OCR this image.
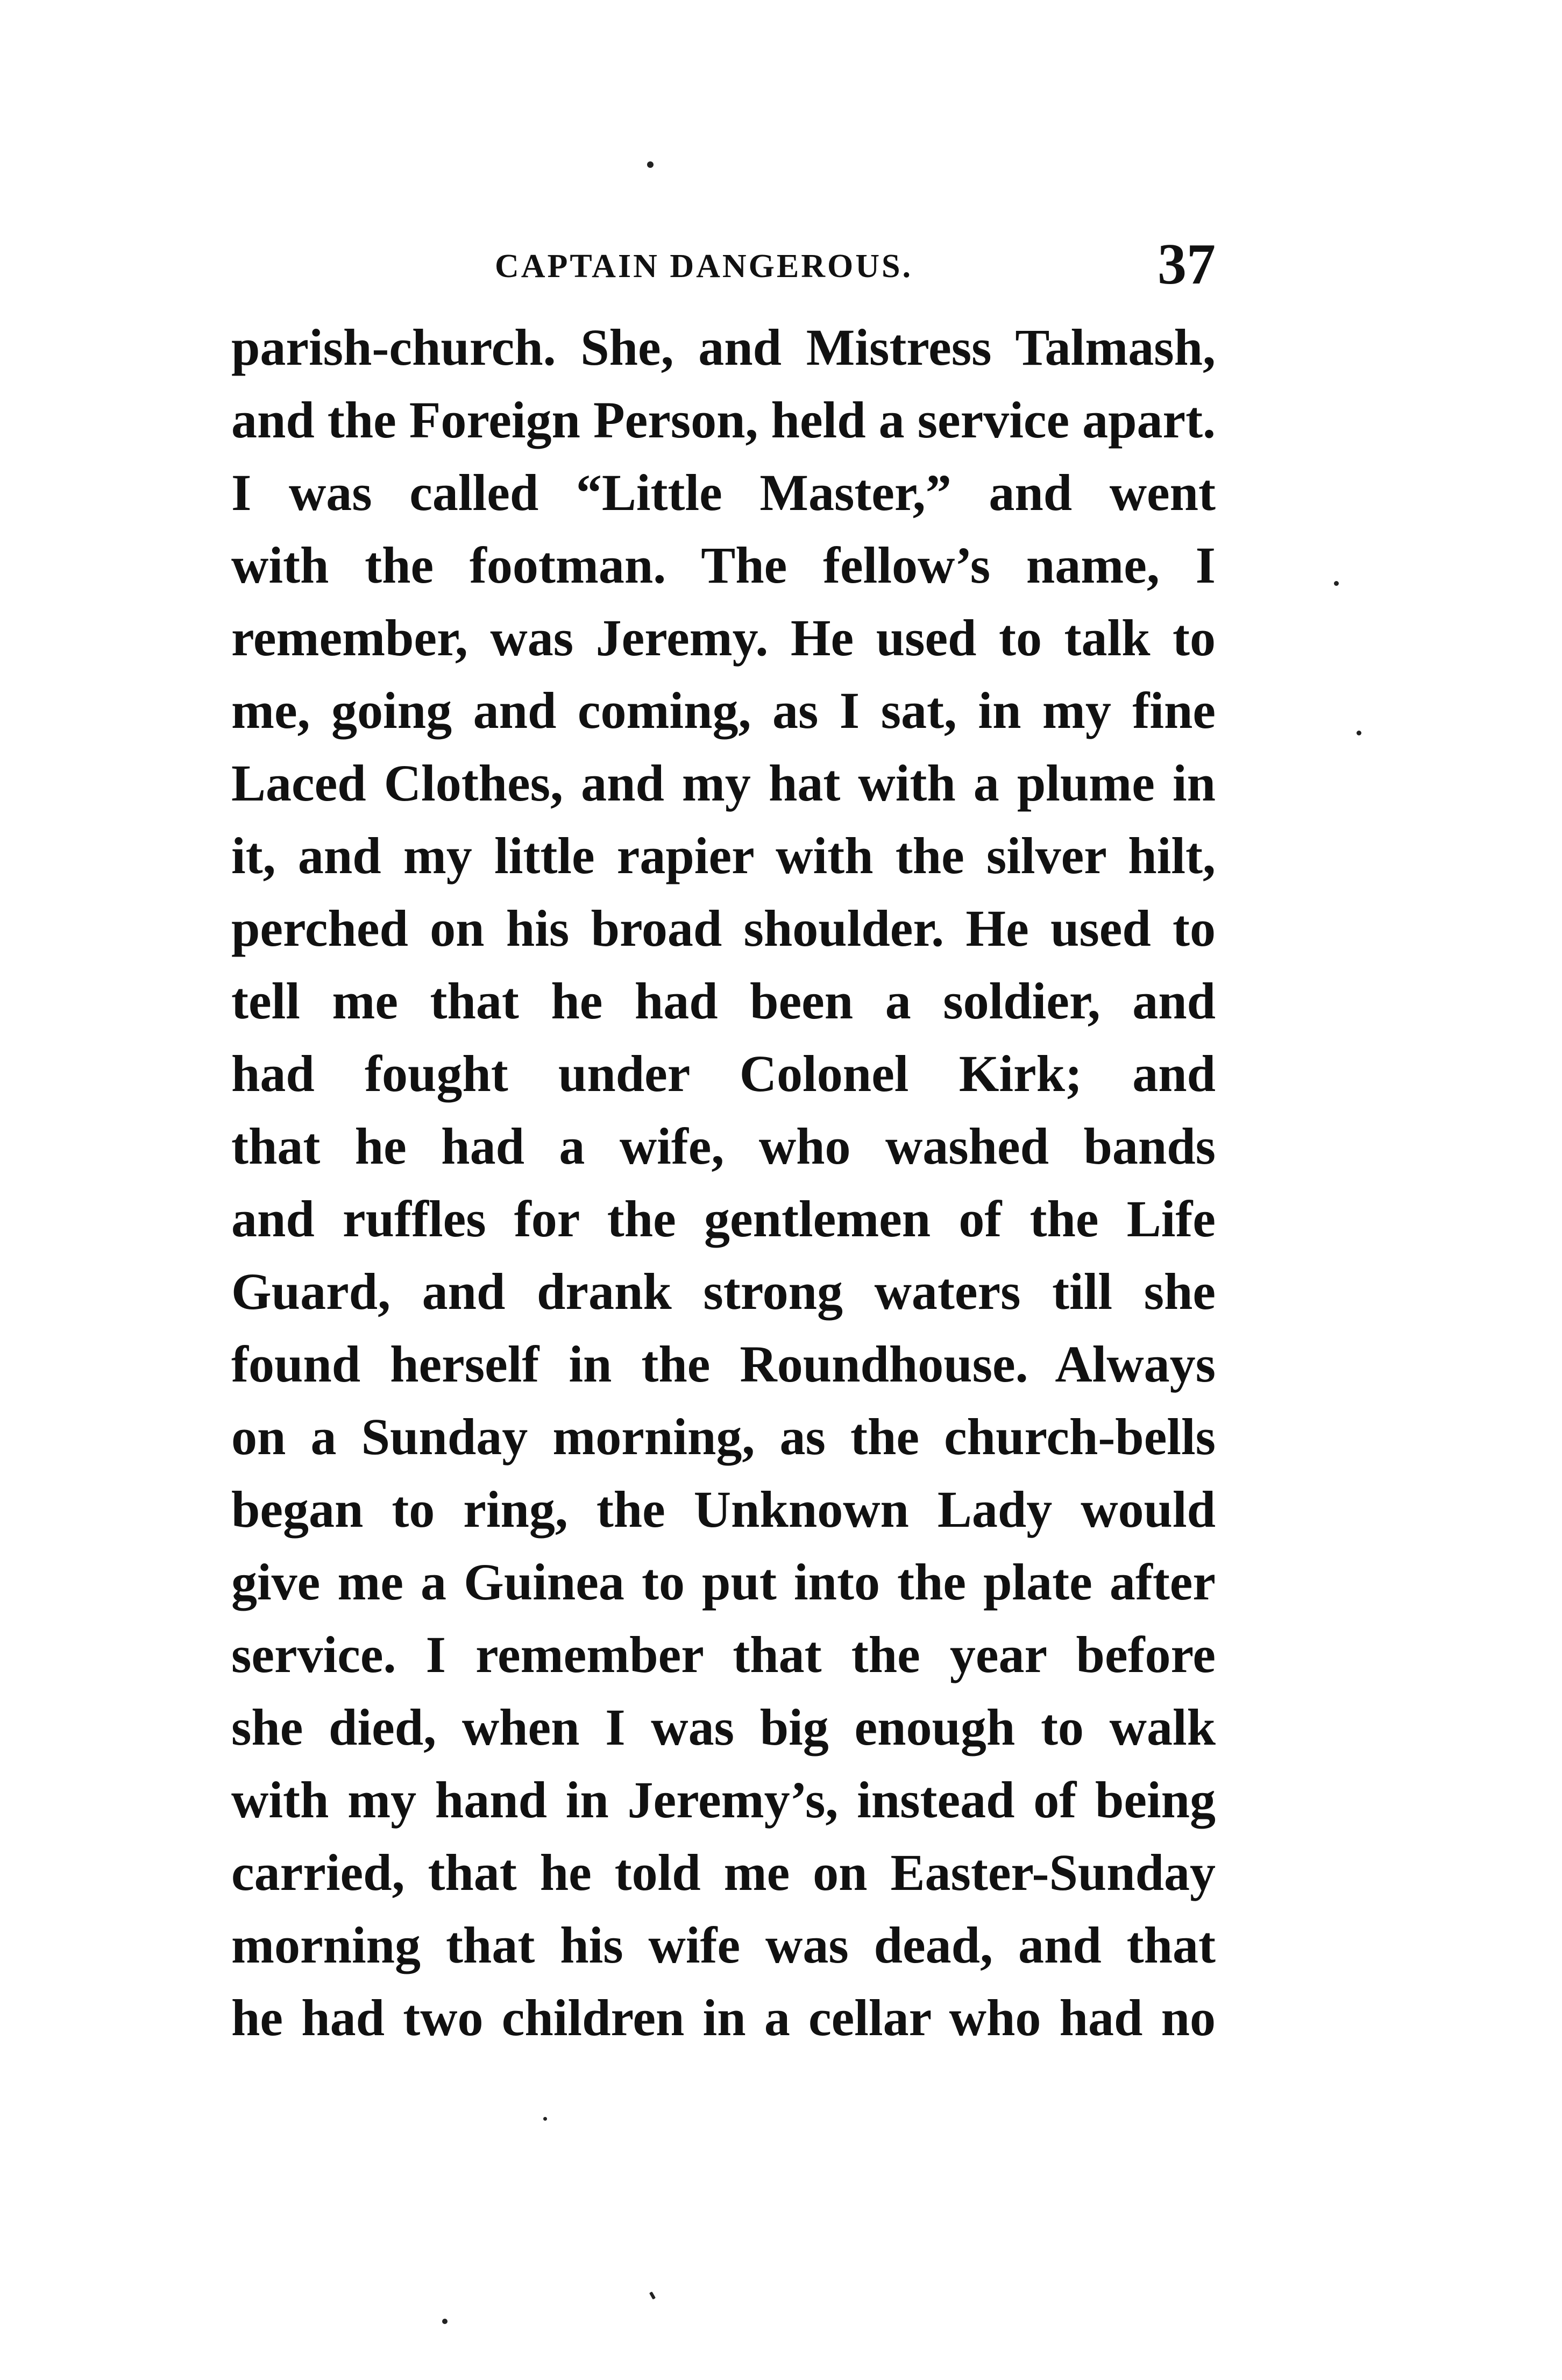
CAPTAIN DANGEROUS.	37
parish-church. She, and Mistress Talmash,
and the Foreign Person, held a service apart.
I was called “Little Master,” and went
with the footman. The fellow’s name, I
remember, was Jeremy. He used to talk to
me, going and coming, as I sat, in my fine
Laced Clothes, and my hat with a plume in
it, and my little rapier with the silver hilt,
perched on his broad shoulder. He used to
tell me that he had been a soldier, and
had fought under Colonel Kirk; and
that he had a wife, who washed bands
and ruffles for the gentlemen of the Life
Guard, and drank strong waters till she
found herself in the Roundhouse. Always
on a Sunday morning, as the church-bells
began to ring, the Unknown Lady would
give me a Guinea to put into the plate after
service. I remember that the year before
she died, when I was big enough to walk
with my hand in Jeremy’s, instead of being
carried, that he told me on Easter-Sunday
morning that his wife was dead, and that
he had two children in a cellar who had no
